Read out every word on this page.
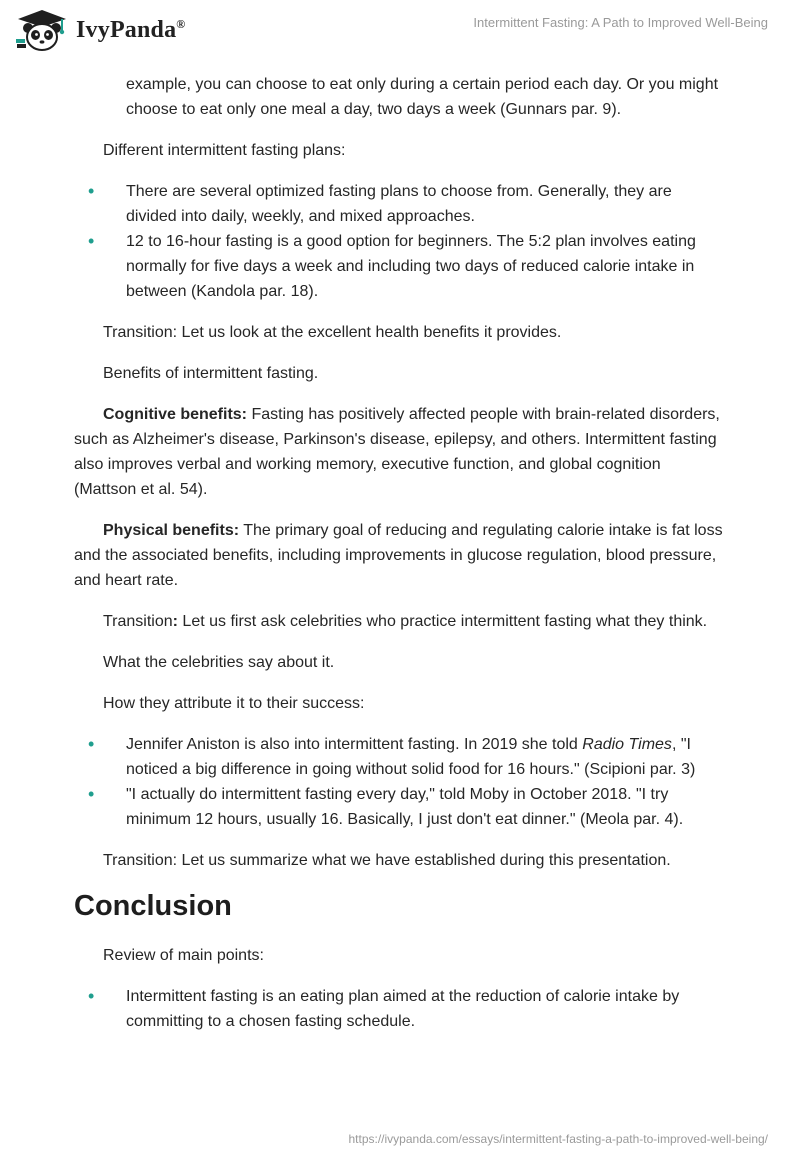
IvyPanda®	Intermittent Fasting: A Path to Improved Well-Being

example, you can choose to eat only during a certain period each day. Or you might choose to eat only one meal a day, two days a week (Gunnars par. 9).

Different intermittent fasting plans:

• There are several optimized fasting plans to choose from. Generally, they are divided into daily, weekly, and mixed approaches.
• 12 to 16-hour fasting is a good option for beginners. The 5:2 plan involves eating normally for five days a week and including two days of reduced calorie intake in between (Kandola par. 18).

Transition: Let us look at the excellent health benefits it provides.

Benefits of intermittent fasting.

Cognitive benefits: Fasting has positively affected people with brain-related disorders, such as Alzheimer's disease, Parkinson's disease, epilepsy, and others. Intermittent fasting also improves verbal and working memory, executive function, and global cognition (Mattson et al. 54).

Physical benefits: The primary goal of reducing and regulating calorie intake is fat loss and the associated benefits, including improvements in glucose regulation, blood pressure, and heart rate.

Transition: Let us first ask celebrities who practice intermittent fasting what they think.

What the celebrities say about it.

How they attribute it to their success:

• Jennifer Aniston is also into intermittent fasting. In 2019 she told Radio Times, "I noticed a big difference in going without solid food for 16 hours." (Scipioni par. 3)
• "I actually do intermittent fasting every day," told Moby in October 2018. "I try minimum 12 hours, usually 16. Basically, I just don't eat dinner." (Meola par. 4).

Transition: Let us summarize what we have established during this presentation.

Conclusion

Review of main points:

• Intermittent fasting is an eating plan aimed at the reduction of calorie intake by committing to a chosen fasting schedule.
https://ivypanda.com/essays/intermittent-fasting-a-path-to-improved-well-being/
